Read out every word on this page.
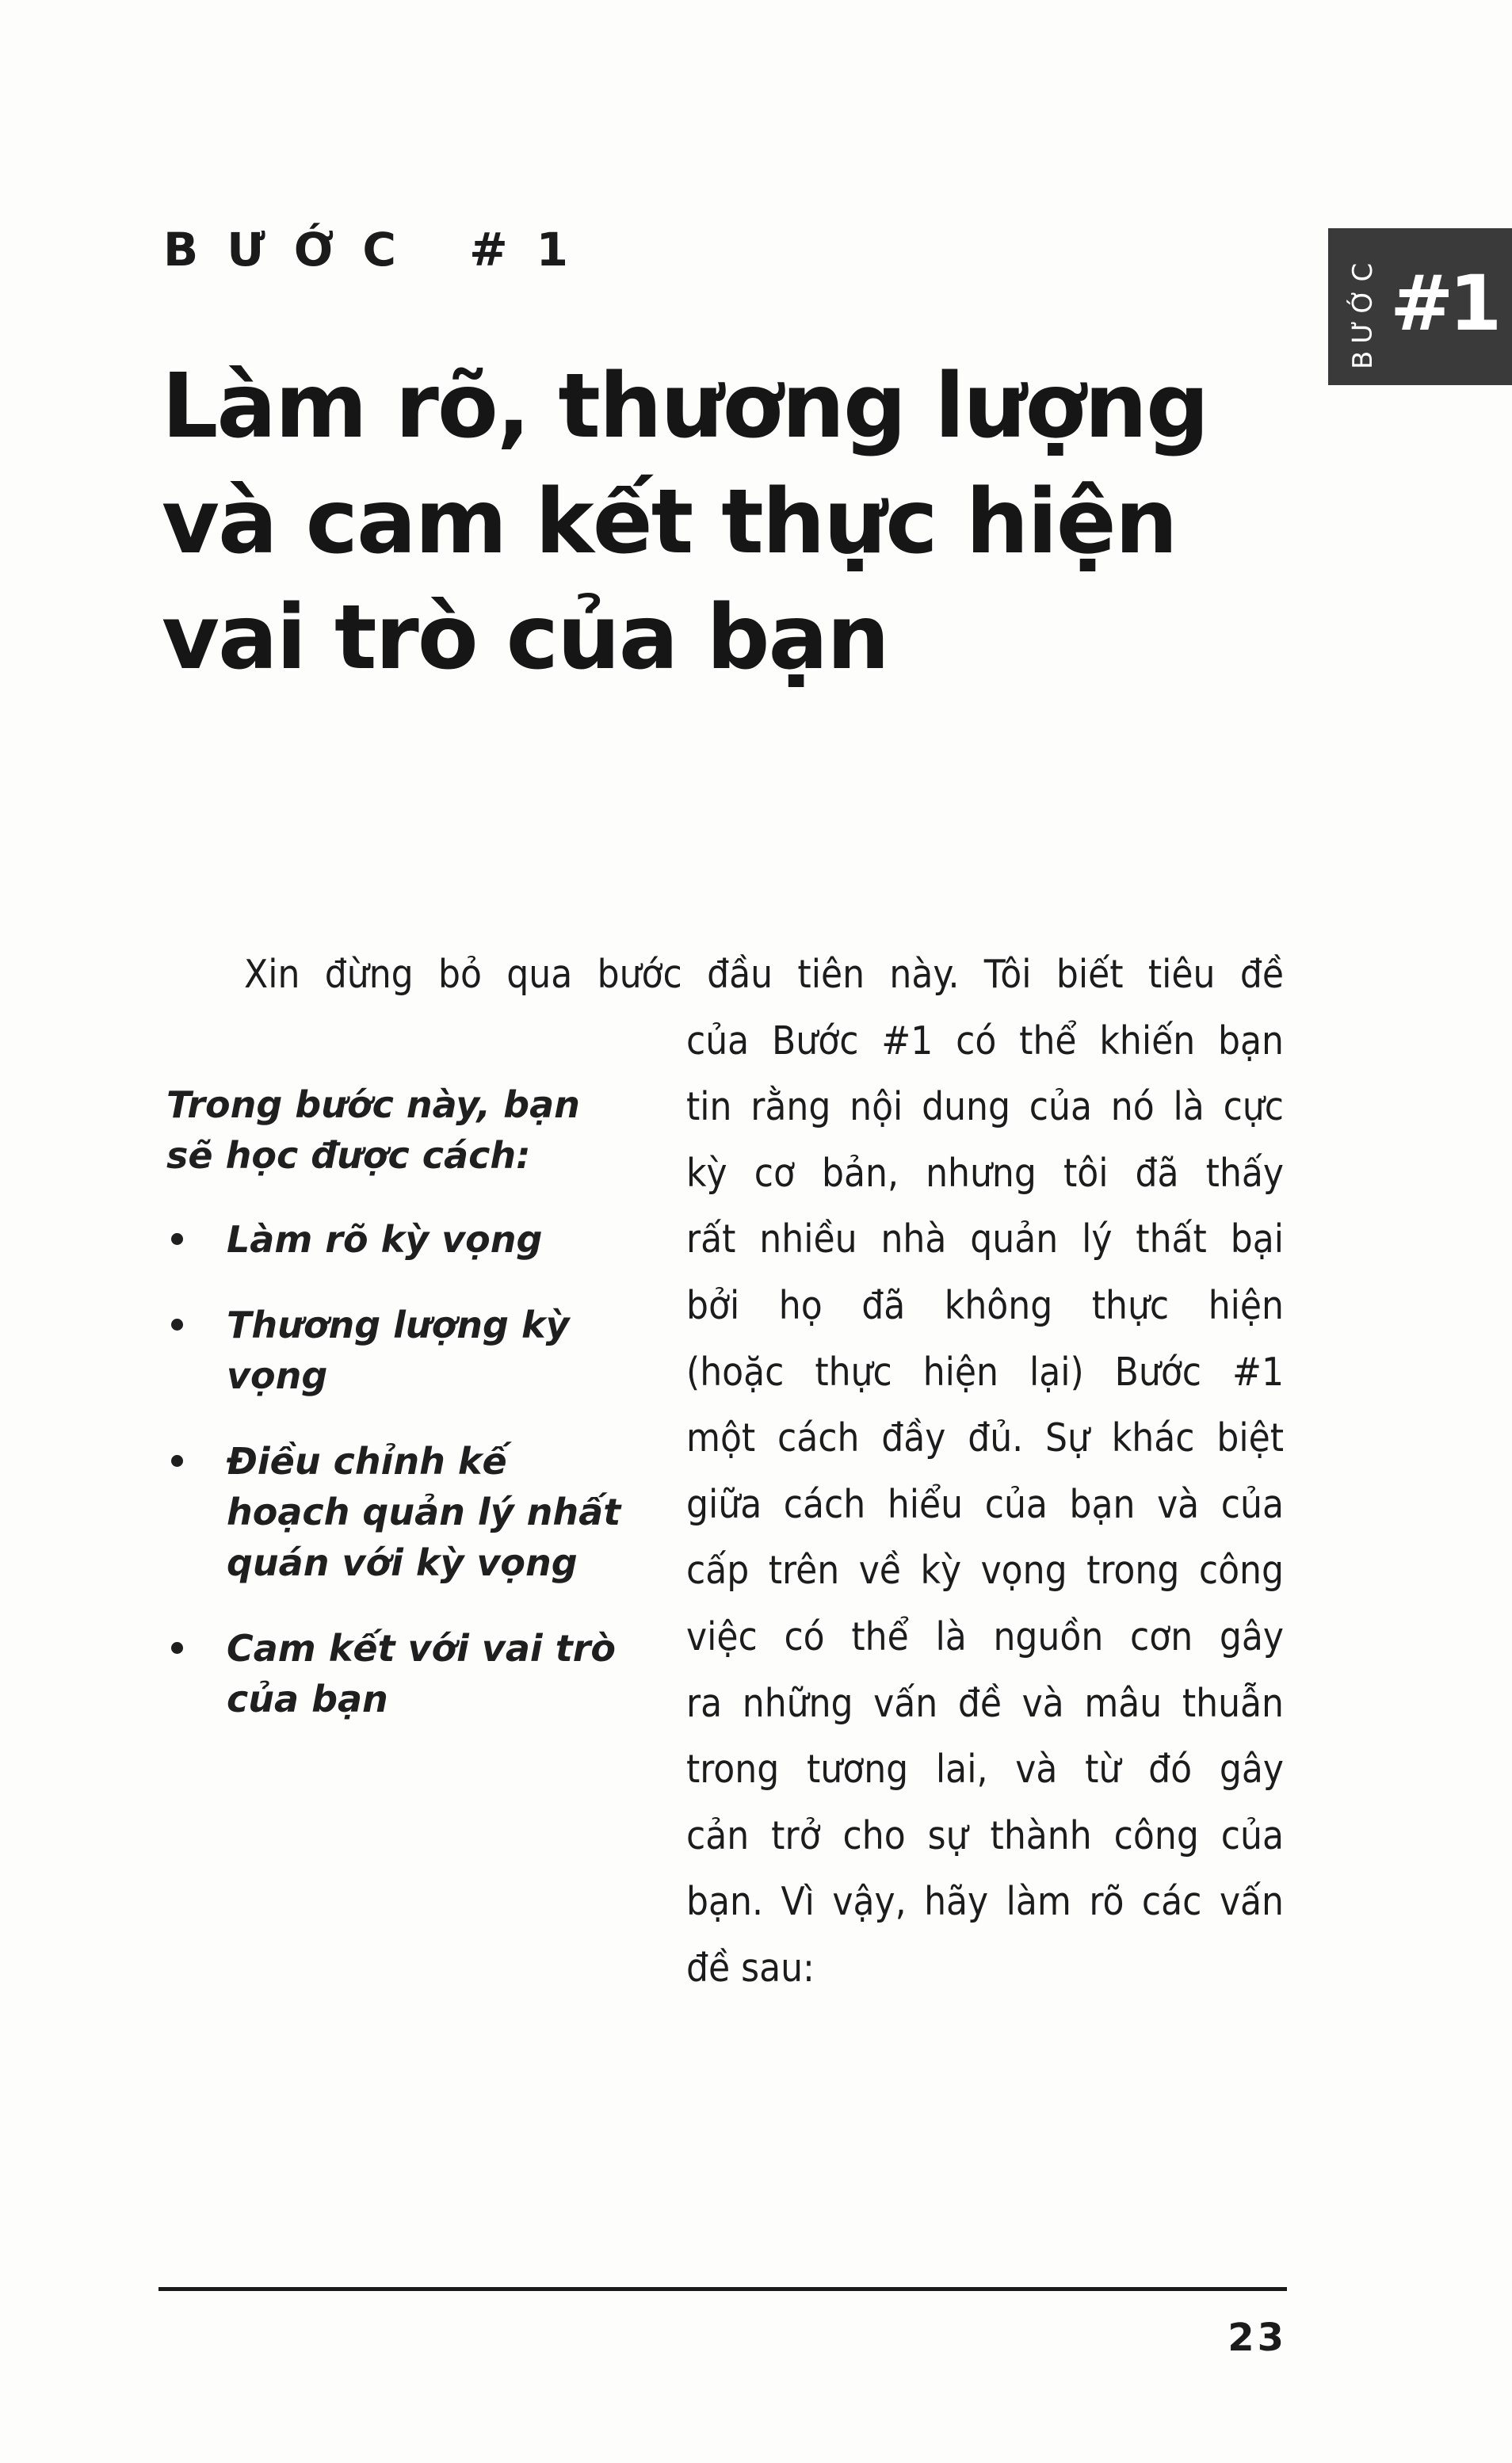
BƯỚC #1
Làm rõ, thương lượng
và cam kết thực hiện
vai trò của bạn
BƯỚC #1
Xin đừng bỏ qua bước đầu tiên này. Tôi biết tiêu đề
của Bước #1 có thể khiến bạn
tin rằng nội dung của nó là cực
kỳ cơ bản, nhưng tôi đã thấy
rất nhiều nhà quản lý thất bại
bởi họ đã không thực hiện
(hoặc thực hiện lại) Bước #1
một cách đầy đủ. Sự khác biệt
giữa cách hiểu của bạn và của
cấp trên về kỳ vọng trong công
việc có thể là nguồn cơn gây
ra những vấn đề và mâu thuẫn
trong tương lai, và từ đó gây
cản trở cho sự thành công của
bạn. Vì vậy, hãy làm rõ các vấn
đề sau:
Trong bước này, bạn sẽ học được cách:
Làm rõ kỳ vọng
Thương lượng kỳ vọng
Điều chỉnh kế hoạch quản lý nhất quán với kỳ vọng
Cam kết với vai trò của bạn
23
